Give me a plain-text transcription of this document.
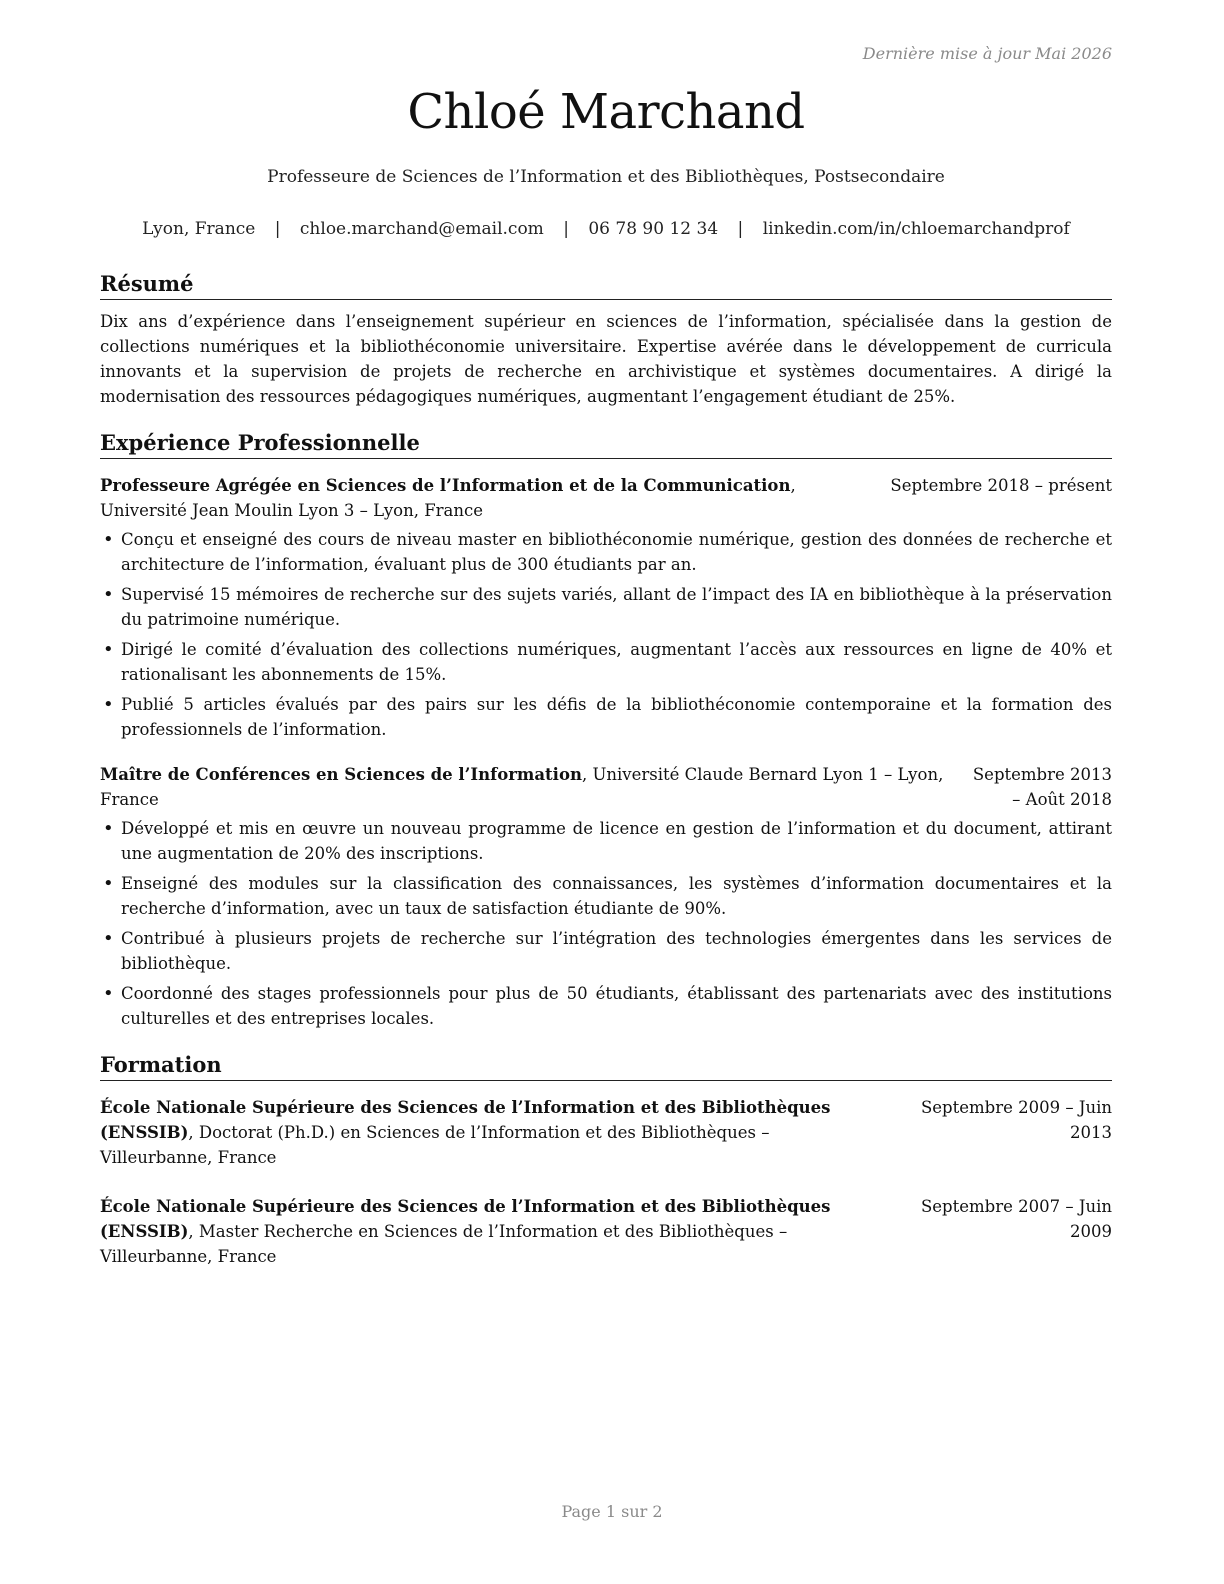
Dernière mise à jour Mai 2026
Chloé Marchand
Professeure de Sciences de l’Information et des Bibliothèques, Postsecondaire
Lyon, France | chloe.marchand@email.com | 06 78 90 12 34 | linkedin.com/in/chloemarchandprof
Résumé
Dix ans d’expérience dans l’enseignement supérieur en sciences de l’information, spécialisée dans la gestion de collections numériques et la bibliothéconomie universitaire. Expertise avérée dans le développement de curricula innovants et la supervision de projets de recherche en archivistique et systèmes documentaires. A dirigé la modernisation des ressources pédagogiques numériques, augmentant l’engagement étudiant de 25%.
Expérience Professionnelle
Professeure Agrégée en Sciences de l’Information et de la Communication, Université Jean Moulin Lyon 3 – Lyon, France
Septembre 2018 – présent
• Conçu et enseigné des cours de niveau master en bibliothéconomie numérique, gestion des données de recherche et architecture de l’information, évaluant plus de 300 étudiants par an.
• Supervisé 15 mémoires de recherche sur des sujets variés, allant de l’impact des IA en bibliothèque à la préservation du patrimoine numérique.
• Dirigé le comité d’évaluation des collections numériques, augmentant l’accès aux ressources en ligne de 40% et rationalisant les abonnements de 15%.
• Publié 5 articles évalués par des pairs sur les défis de la bibliothéconomie contemporaine et la formation des professionnels de l’information.
Maître de Conférences en Sciences de l’Information, Université Claude Bernard Lyon 1 – Lyon, France
Septembre 2013 – Août 2018
• Développé et mis en œuvre un nouveau programme de licence en gestion de l’information et du document, attirant une augmentation de 20% des inscriptions.
• Enseigné des modules sur la classification des connaissances, les systèmes d’information documentaires et la recherche d’information, avec un taux de satisfaction étudiante de 90%.
• Contribué à plusieurs projets de recherche sur l’intégration des technologies émergentes dans les services de bibliothèque.
• Coordonné des stages professionnels pour plus de 50 étudiants, établissant des partenariats avec des institutions culturelles et des entreprises locales.
Formation
École Nationale Supérieure des Sciences de l’Information et des Bibliothèques (ENSSIB), Doctorat (Ph.D.) en Sciences de l’Information et des Bibliothèques – Villeurbanne, France
Septembre 2009 – Juin 2013
École Nationale Supérieure des Sciences de l’Information et des Bibliothèques (ENSSIB), Master Recherche en Sciences de l’Information et des Bibliothèques – Villeurbanne, France
Septembre 2007 – Juin 2009
Page 1 sur 2
